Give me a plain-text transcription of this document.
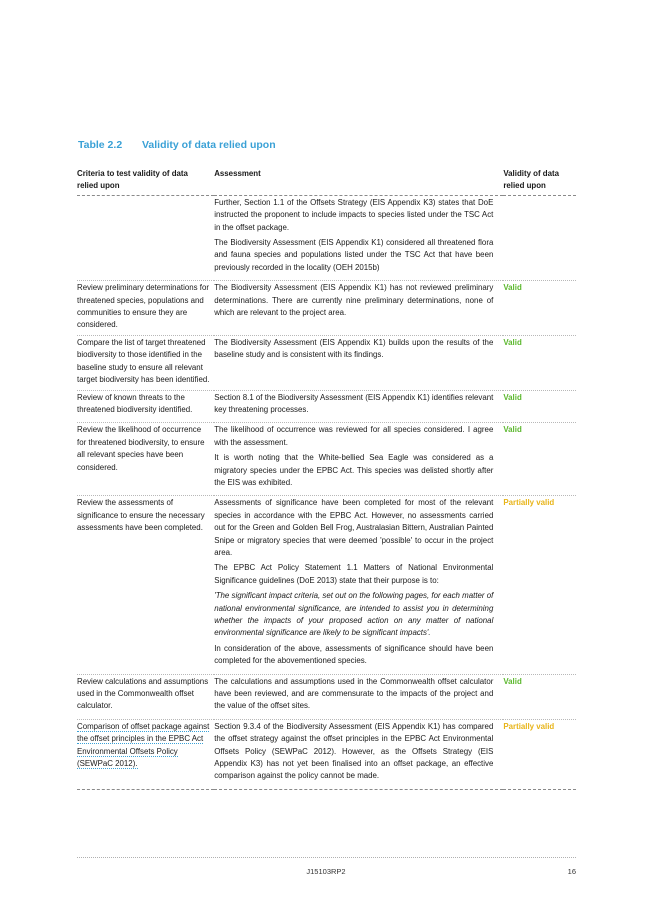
Table 2.2 Validity of data relied upon
Criteria to test validity of data relied upon	Assessment	Validity of data relied upon

	Further, Section 1.1 of the Offsets Strategy (EIS Appendix K3) states that DoE instructed the proponent to include impacts to species listed under the TSC Act in the offset package.

The Biodiversity Assessment (EIS Appendix K1) considered all threatened flora and fauna species and populations listed under the TSC Act that have been previously recorded in the locality (OEH 2015b)	

Review preliminary determinations for threatened species, populations and communities to ensure they are considered.	The Biodiversity Assessment (EIS Appendix K1) has not reviewed preliminary determinations. There are currently nine preliminary determinations, none of which are relevant to the project area.	Valid
Compare the list of target threatened biodiversity to those identified in the baseline study to ensure all relevant target biodiversity has been identified.	The Biodiversity Assessment (EIS Appendix K1) builds upon the results of the baseline study and is consistent with its findings.	Valid
Review of known threats to the threatened biodiversity identified.	Section 8.1 of the Biodiversity Assessment (EIS Appendix K1) identifies relevant key threatening processes.	Valid
Review the likelihood of occurrence for threatened biodiversity, to ensure all relevant species have been considered.	The likelihood of occurrence was reviewed for all species considered. I agree with the assessment.

It is worth noting that the White-bellied Sea Eagle was considered as a migratory species under the EPBC Act. This species was delisted shortly after the EIS was exhibited.	Valid
Review the assessments of significance to ensure the necessary assessments have been completed.	Assessments of significance have been completed for most of the relevant species in accordance with the EPBC Act. However, no assessments carried out for the Green and Golden Bell Frog, Australasian Bittern, Australian Painted Snipe or migratory species that were deemed 'possible' to occur in the project area.

The EPBC Act Policy Statement 1.1 Matters of National Environmental Significance guidelines (DoE 2013) state that their purpose is to:

'The significant impact criteria, set out on the following pages, for each matter of national environmental significance, are intended to assist you in determining whether the impacts of your proposed action on any matter of national environmental significance are likely to be significant impacts'.

In consideration of the above, assessments of significance should have been completed for the abovementioned species.	Partially valid
Review calculations and assumptions used in the Commonwealth offset calculator.	The calculations and assumptions used in the Commonwealth offset calculator have been reviewed, and are commensurate to the impacts of the project and the value of the offset sites.	Valid
Comparison of offset package against the offset principles in the EPBC Act Environmental Offsets Policy (SEWPaC 2012).	Section 9.3.4 of the Biodiversity Assessment (EIS Appendix K1) has compared the offset strategy against the offset principles in the EPBC Act Environmental Offsets Policy (SEWPaC 2012). However, as the Offsets Strategy (EIS Appendix K3) has not yet been finalised into an offset package, an effective comparison against the policy cannot be made.	Partially valid
J15103RP2	16
